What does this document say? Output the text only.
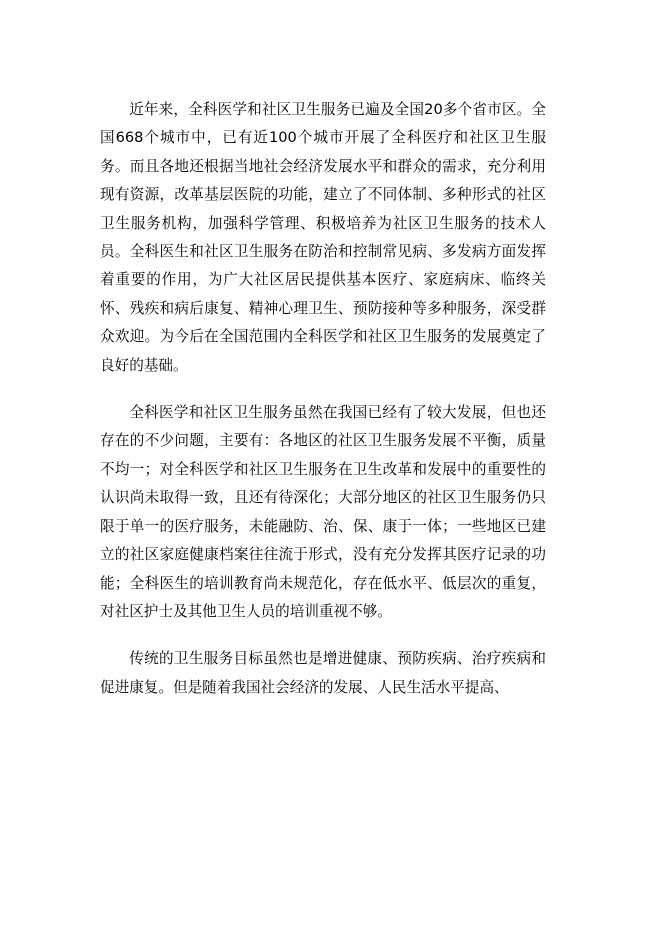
近年来，全科医学和社区卫生服务已遍及全国20多个省市区。全国668个城市中，已有近100个城市开展了全科医疗和社区卫生服务。而且各地还根据当地社会经济发展水平和群众的需求，充分利用现有资源，改革基层医院的功能，建立了不同体制、多种形式的社区卫生服务机构，加强科学管理、积极培养为社区卫生服务的技术人员。全科医生和社区卫生服务在防治和控制常见病、多发病方面发挥着重要的作用，为广大社区居民提供基本医疗、家庭病床、临终关怀、残疾和病后康复、精神心理卫生、预防接种等多种服务，深受群众欢迎。为今后在全国范围内全科医学和社区卫生服务的发展奠定了良好的基础。

全科医学和社区卫生服务虽然在我国已经有了较大发展，但也还存在的不少问题，主要有：各地区的社区卫生服务发展不平衡，质量不均一；对全科医学和社区卫生服务在卫生改革和发展中的重要性的认识尚未取得一致，且还有待深化；大部分地区的社区卫生服务仍只限于单一的医疗服务，未能融防、治、保、康于一体；一些地区已建立的社区家庭健康档案往往流于形式，没有充分发挥其医疗记录的功能；全科医生的培训教育尚未规范化，存在低水平、低层次的重复，对社区护士及其他卫生人员的培训重视不够。

传统的卫生服务目标虽然也是增进健康、预防疾病、治疗疾病和促进康复。但是随着我国社会经济的发展、人民生活水平提高、
